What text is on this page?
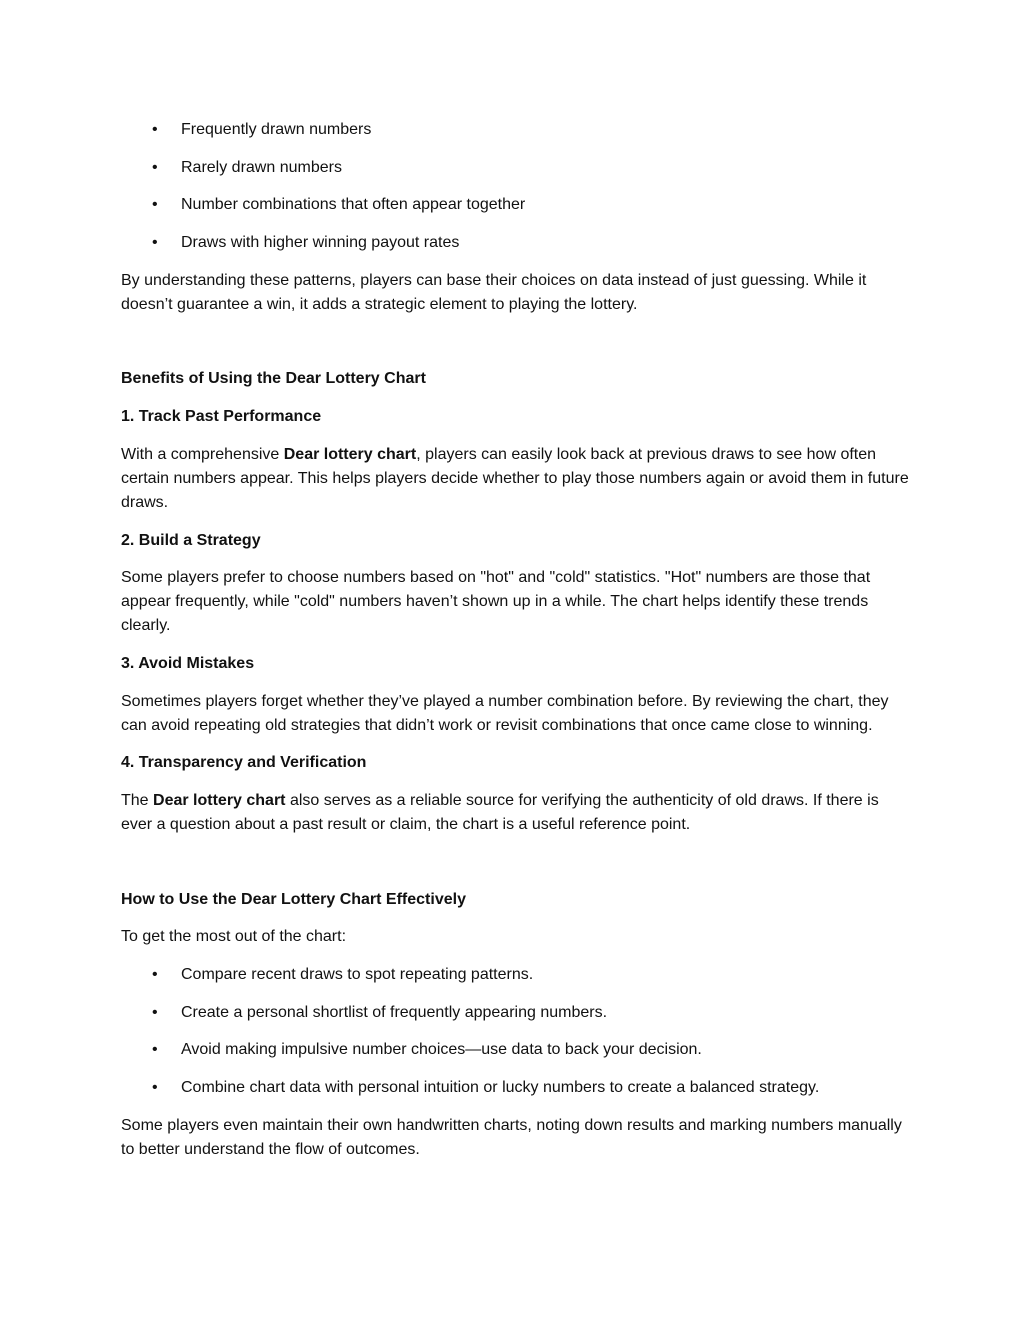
• Frequently drawn numbers
• Rarely drawn numbers
• Number combinations that often appear together
• Draws with higher winning payout rates

By understanding these patterns, players can base their choices on data instead of just guessing. While it doesn’t guarantee a win, it adds a strategic element to playing the lottery.

Benefits of Using the Dear Lottery Chart

1. Track Past Performance

With a comprehensive Dear lottery chart, players can easily look back at previous draws to see how often certain numbers appear. This helps players decide whether to play those numbers again or avoid them in future draws.

2. Build a Strategy

Some players prefer to choose numbers based on "hot" and "cold" statistics. "Hot" numbers are those that appear frequently, while "cold" numbers haven’t shown up in a while. The chart helps identify these trends clearly.

3. Avoid Mistakes

Sometimes players forget whether they’ve played a number combination before. By reviewing the chart, they can avoid repeating old strategies that didn’t work or revisit combinations that once came close to winning.

4. Transparency and Verification

The Dear lottery chart also serves as a reliable source for verifying the authenticity of old draws. If there is ever a question about a past result or claim, the chart is a useful reference point.

How to Use the Dear Lottery Chart Effectively

To get the most out of the chart:

• Compare recent draws to spot repeating patterns.
• Create a personal shortlist of frequently appearing numbers.
• Avoid making impulsive number choices—use data to back your decision.
• Combine chart data with personal intuition or lucky numbers to create a balanced strategy.

Some players even maintain their own handwritten charts, noting down results and marking numbers manually to better understand the flow of outcomes.
